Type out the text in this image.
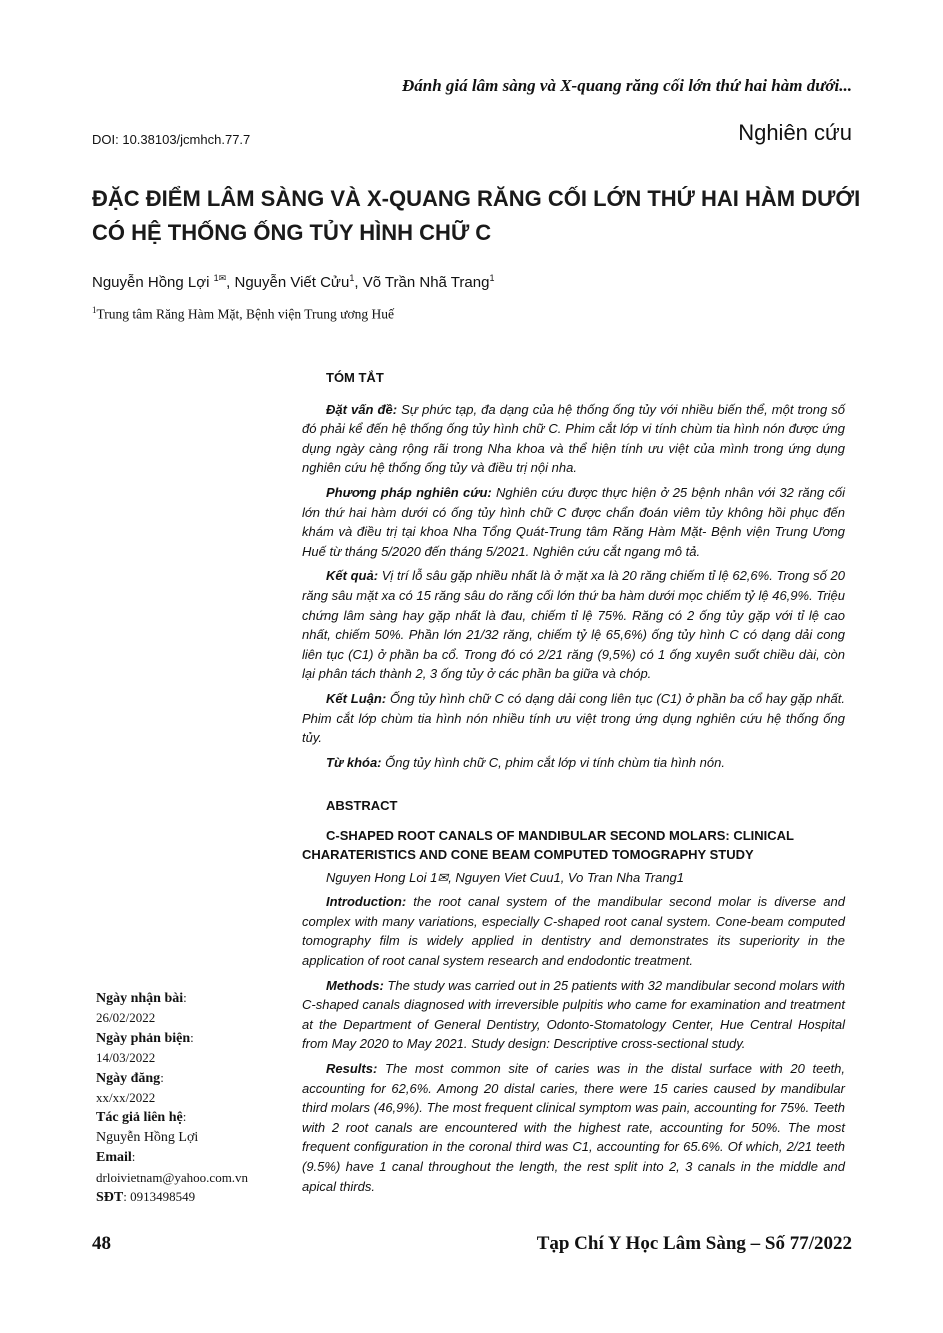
Đánh giá lâm sàng và X-quang răng cối lớn thứ hai hàm dưới...
DOI: 10.38103/jcmhch.77.7	Nghiên cứu
ĐẶC ĐIỂM LÂM SÀNG VÀ X-QUANG RĂNG CỐI LỚN THỨ HAI HÀM DƯỚI CÓ HỆ THỐNG ỐNG TỦY HÌNH CHỮ C
Nguyễn Hồng Lợi $^{1✉}$, Nguyễn Viết Cửu$^1$, Võ Trần Nhã Trang$^1$
$^1$Trung tâm Răng Hàm Mặt, Bệnh viện Trung ương Huế

TÓM TẮT

Đặt vấn đề: Sự phức tạp, đa dạng của hệ thống ống tủy với nhiều biến thể, một trong số đó phải kể đến hệ thống ống tủy hình chữ C. Phim cắt lớp vi tính chùm tia hình nón được ứng dụng ngày càng rộng rãi trong Nha khoa và thể hiện tính ưu việt của mình trong ứng dụng nghiên cứu hệ thống ống tủy và điều trị nội nha.

Phương pháp nghiên cứu: Nghiên cứu được thực hiện ở 25 bệnh nhân với 32 răng cối lớn thứ hai hàm dưới có ống tủy hình chữ C được chẩn đoán viêm tủy không hồi phục đến khám và điều trị tại khoa Nha Tổng Quát-Trung tâm Răng Hàm Mặt- Bệnh viện Trung Ương Huế từ tháng 5/2020 đến tháng 5/2021. Nghiên cứu cắt ngang mô tả.

Kết quả: Vị trí lỗ sâu gặp nhiều nhất là ở mặt xa là 20 răng chiếm tỉ lệ 62,6%. Trong số 20 răng sâu mặt xa có 15 răng sâu do răng cối lớn thứ ba hàm dưới mọc chiếm tỷ lệ 46,9%. Triệu chứng lâm sàng hay gặp nhất là đau, chiếm tỉ lệ 75%. Răng có 2 ống tủy gặp với tỉ lệ cao nhất, chiếm 50%. Phần lớn 21/32 răng, chiếm tỷ lệ 65,6%) ống tủy hình C có dạng dải cong liên tục (C1) ở phần ba cổ. Trong đó có 2/21 răng (9,5%) có 1 ống xuyên suốt chiều dài, còn lại phân tách thành 2, 3 ống tủy ở các phần ba giữa và chóp.

Kết Luận: Ống tủy hình chữ C có dạng dải cong liên tục (C1) ở phần ba cổ hay gặp nhất. Phim cắt lớp chùm tia hình nón nhiều tính ưu việt trong ứng dụng nghiên cứu hệ thống ống tủy.

Từ khóa: Ống tủy hình chữ C, phim cắt lớp vi tính chùm tia hình nón.

ABSTRACT

C-SHAPED ROOT CANALS OF MANDIBULAR SECOND MOLARS: CLINICAL CHARATERISTICS AND CONE BEAM COMPUTED TOMOGRAPHY STUDY

Nguyen Hong Loi 1✉, Nguyen Viet Cuu1, Vo Tran Nha Trang1

Introduction: the root canal system of the mandibular second molar is diverse and complex with many variations, especially C-shaped root canal system. Cone-beam computed tomography film is widely applied in dentistry and demonstrates its superiority in the application of root canal system research and endodontic treatment.

Methods: The study was carried out in 25 patients with 32 mandibular second molars with C-shaped canals diagnosed with irreversible pulpitis who came for examination and treatment at the Department of General Dentistry, Odonto-Stomatology Center, Hue Central Hospital from May 2020 to May 2021. Study design: Descriptive cross-sectional study.

Results: The most common site of caries was in the distal surface with 20 teeth, accounting for 62,6%. Among 20 distal caries, there were 15 caries caused by mandibular third molars (46,9%). The most frequent clinical symptom was pain, accounting for 75%. Teeth with 2 root canals are encountered with the highest rate, accounting for 50%. The most frequent configuration in the coronal third was C1, accounting for 65.6%. Of which, 2/21 teeth (9.5%) have 1 canal throughout the length, the rest split into 2, 3 canals in the middle and apical thirds.

Ngày nhận bài:
26/02/2022
Ngày phản biện:
14/03/2022
Ngày đăng:
xx/xx/2022
Tác giả liên hệ:
Nguyễn Hồng Lợi
Email:
drloivietnam@yahoo.com.vn
SĐT: 0913498549
48	Tạp Chí Y Học Lâm Sàng – Số 77/2022
